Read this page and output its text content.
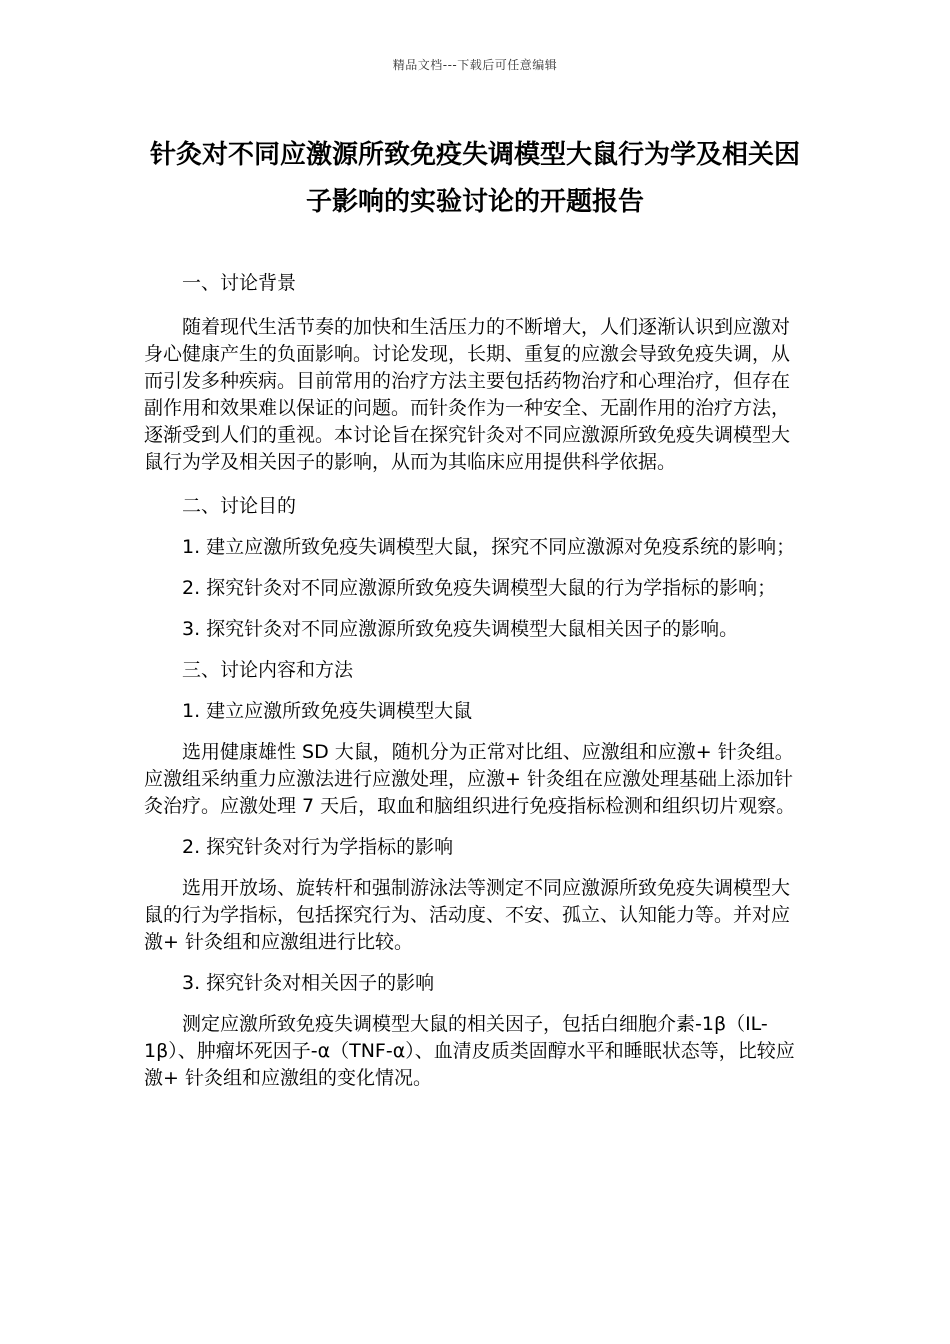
精品文档---下载后可任意编辑
针灸对不同应激源所致免疫失调模型大鼠行为学及相关因子影响的实验讨论的开题报告

一、讨论背景

随着现代生活节奏的加快和生活压力的不断增大，人们逐渐认识到应激对身心健康产生的负面影响。讨论发现，长期、重复的应激会导致免疫失调，从而引发多种疾病。目前常用的治疗方法主要包括药物治疗和心理治疗，但存在副作用和效果难以保证的问题。而针灸作为一种安全、无副作用的治疗方法，逐渐受到人们的重视。本讨论旨在探究针灸对不同应激源所致免疫失调模型大鼠行为学及相关因子的影响，从而为其临床应用提供科学依据。

二、讨论目的

1. 建立应激所致免疫失调模型大鼠，探究不同应激源对免疫系统的影响；

2. 探究针灸对不同应激源所致免疫失调模型大鼠的行为学指标的影响；

3. 探究针灸对不同应激源所致免疫失调模型大鼠相关因子的影响。

三、讨论内容和方法

1. 建立应激所致免疫失调模型大鼠

选用健康雄性 SD 大鼠，随机分为正常对比组、应激组和应激+ 针灸组。应激组采纳重力应激法进行应激处理，应激+ 针灸组在应激处理基础上添加针灸治疗。应激处理 7 天后，取血和脑组织进行免疫指标检测和组织切片观察。

2. 探究针灸对行为学指标的影响

选用开放场、旋转杆和强制游泳法等测定不同应激源所致免疫失调模型大鼠的行为学指标，包括探究行为、活动度、不安、孤立、认知能力等。并对应激+ 针灸组和应激组进行比较。

3. 探究针灸对相关因子的影响

测定应激所致免疫失调模型大鼠的相关因子，包括白细胞介素-1β（IL-1β）、肿瘤坏死因子-α（TNF-α）、血清皮质类固醇水平和睡眠状态等，比较应激+ 针灸组和应激组的变化情况。
